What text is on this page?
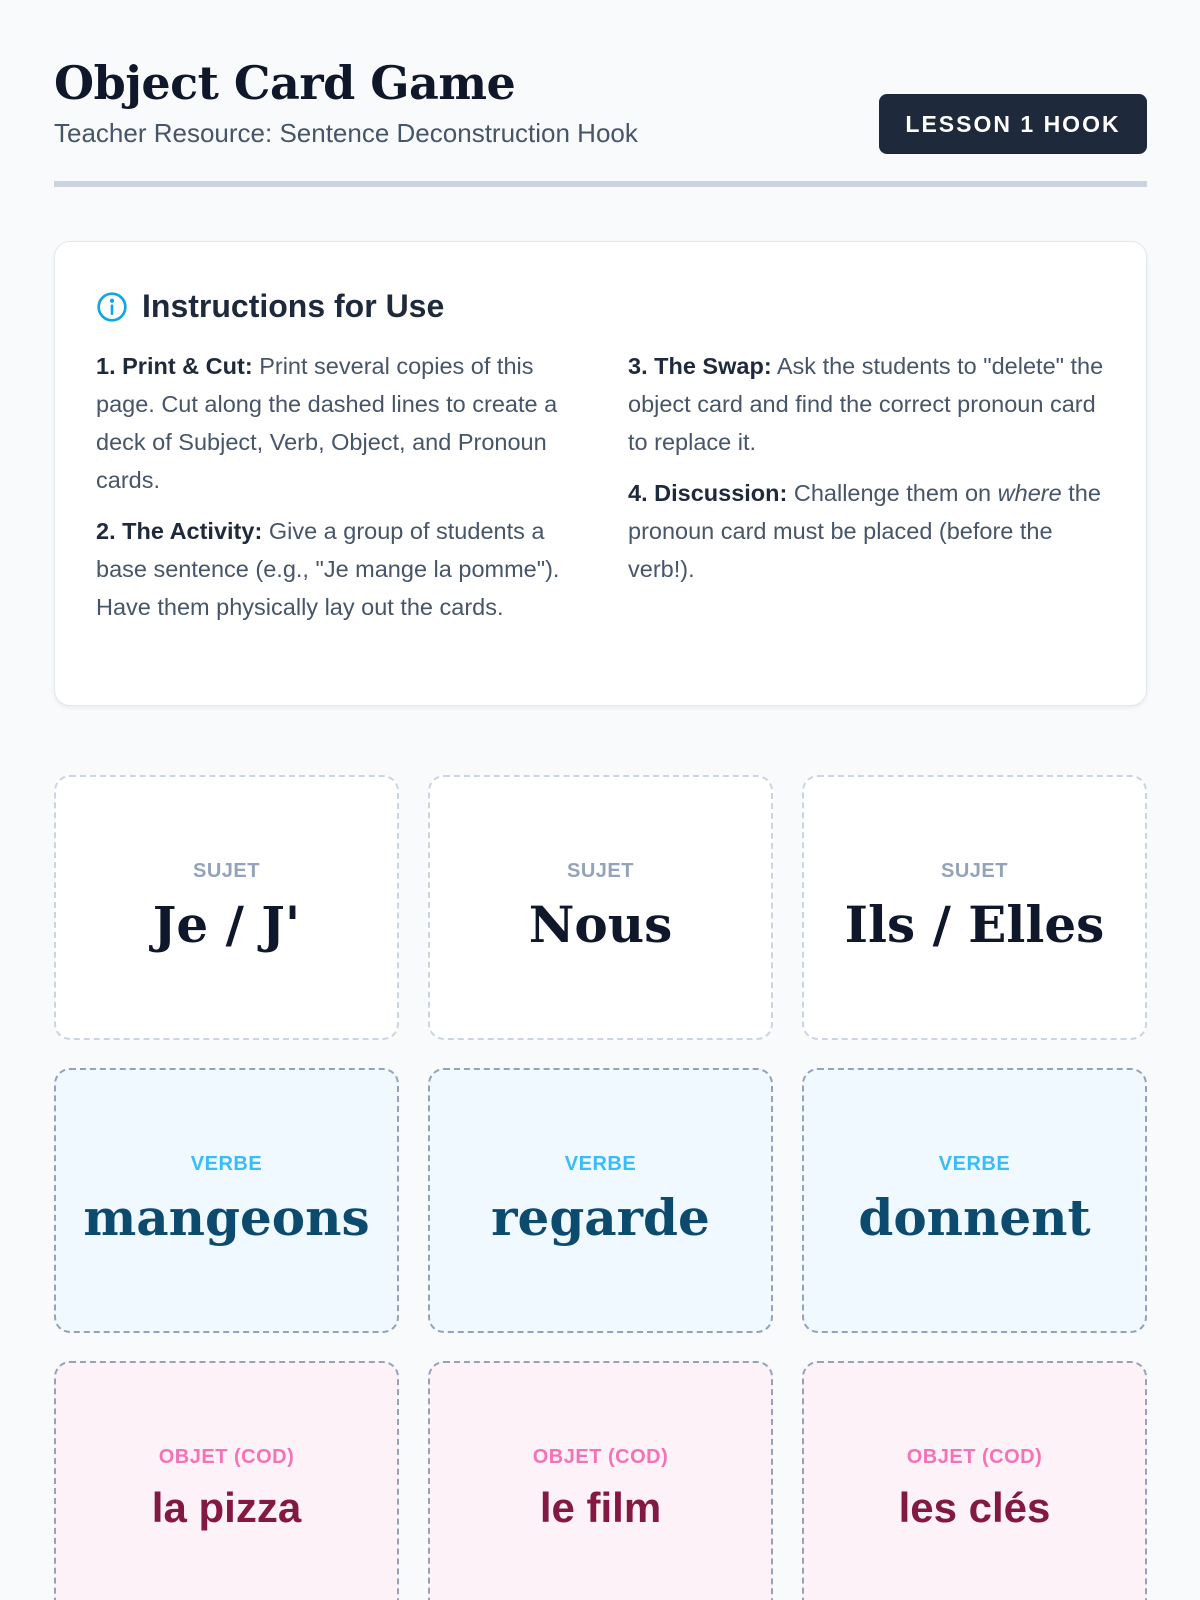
Object Card Game
Teacher Resource: Sentence Deconstruction Hook	LESSON 1 HOOK
Instructions for Use

1. Print & Cut: Print several copies of this page. Cut along the dashed lines to create a deck of Subject, Verb, Object, and Pronoun cards.

2. The Activity: Give a group of students a base sentence (e.g., "Je mange la pomme"). Have them physically lay out the cards.

3. The Swap: Ask the students to "delete" the object card and find the correct pronoun card to replace it.

4. Discussion: Challenge them on where the pronoun card must be placed (before the verb!).

SUJET
Je / J'
SUJET
Nous
SUJET
Ils / Elles
VERBE
mangeons
VERBE
regarde
VERBE
donnent
OBJET (COD)
la pizza
OBJET (COD)
le film
OBJET (COD)
les clés
